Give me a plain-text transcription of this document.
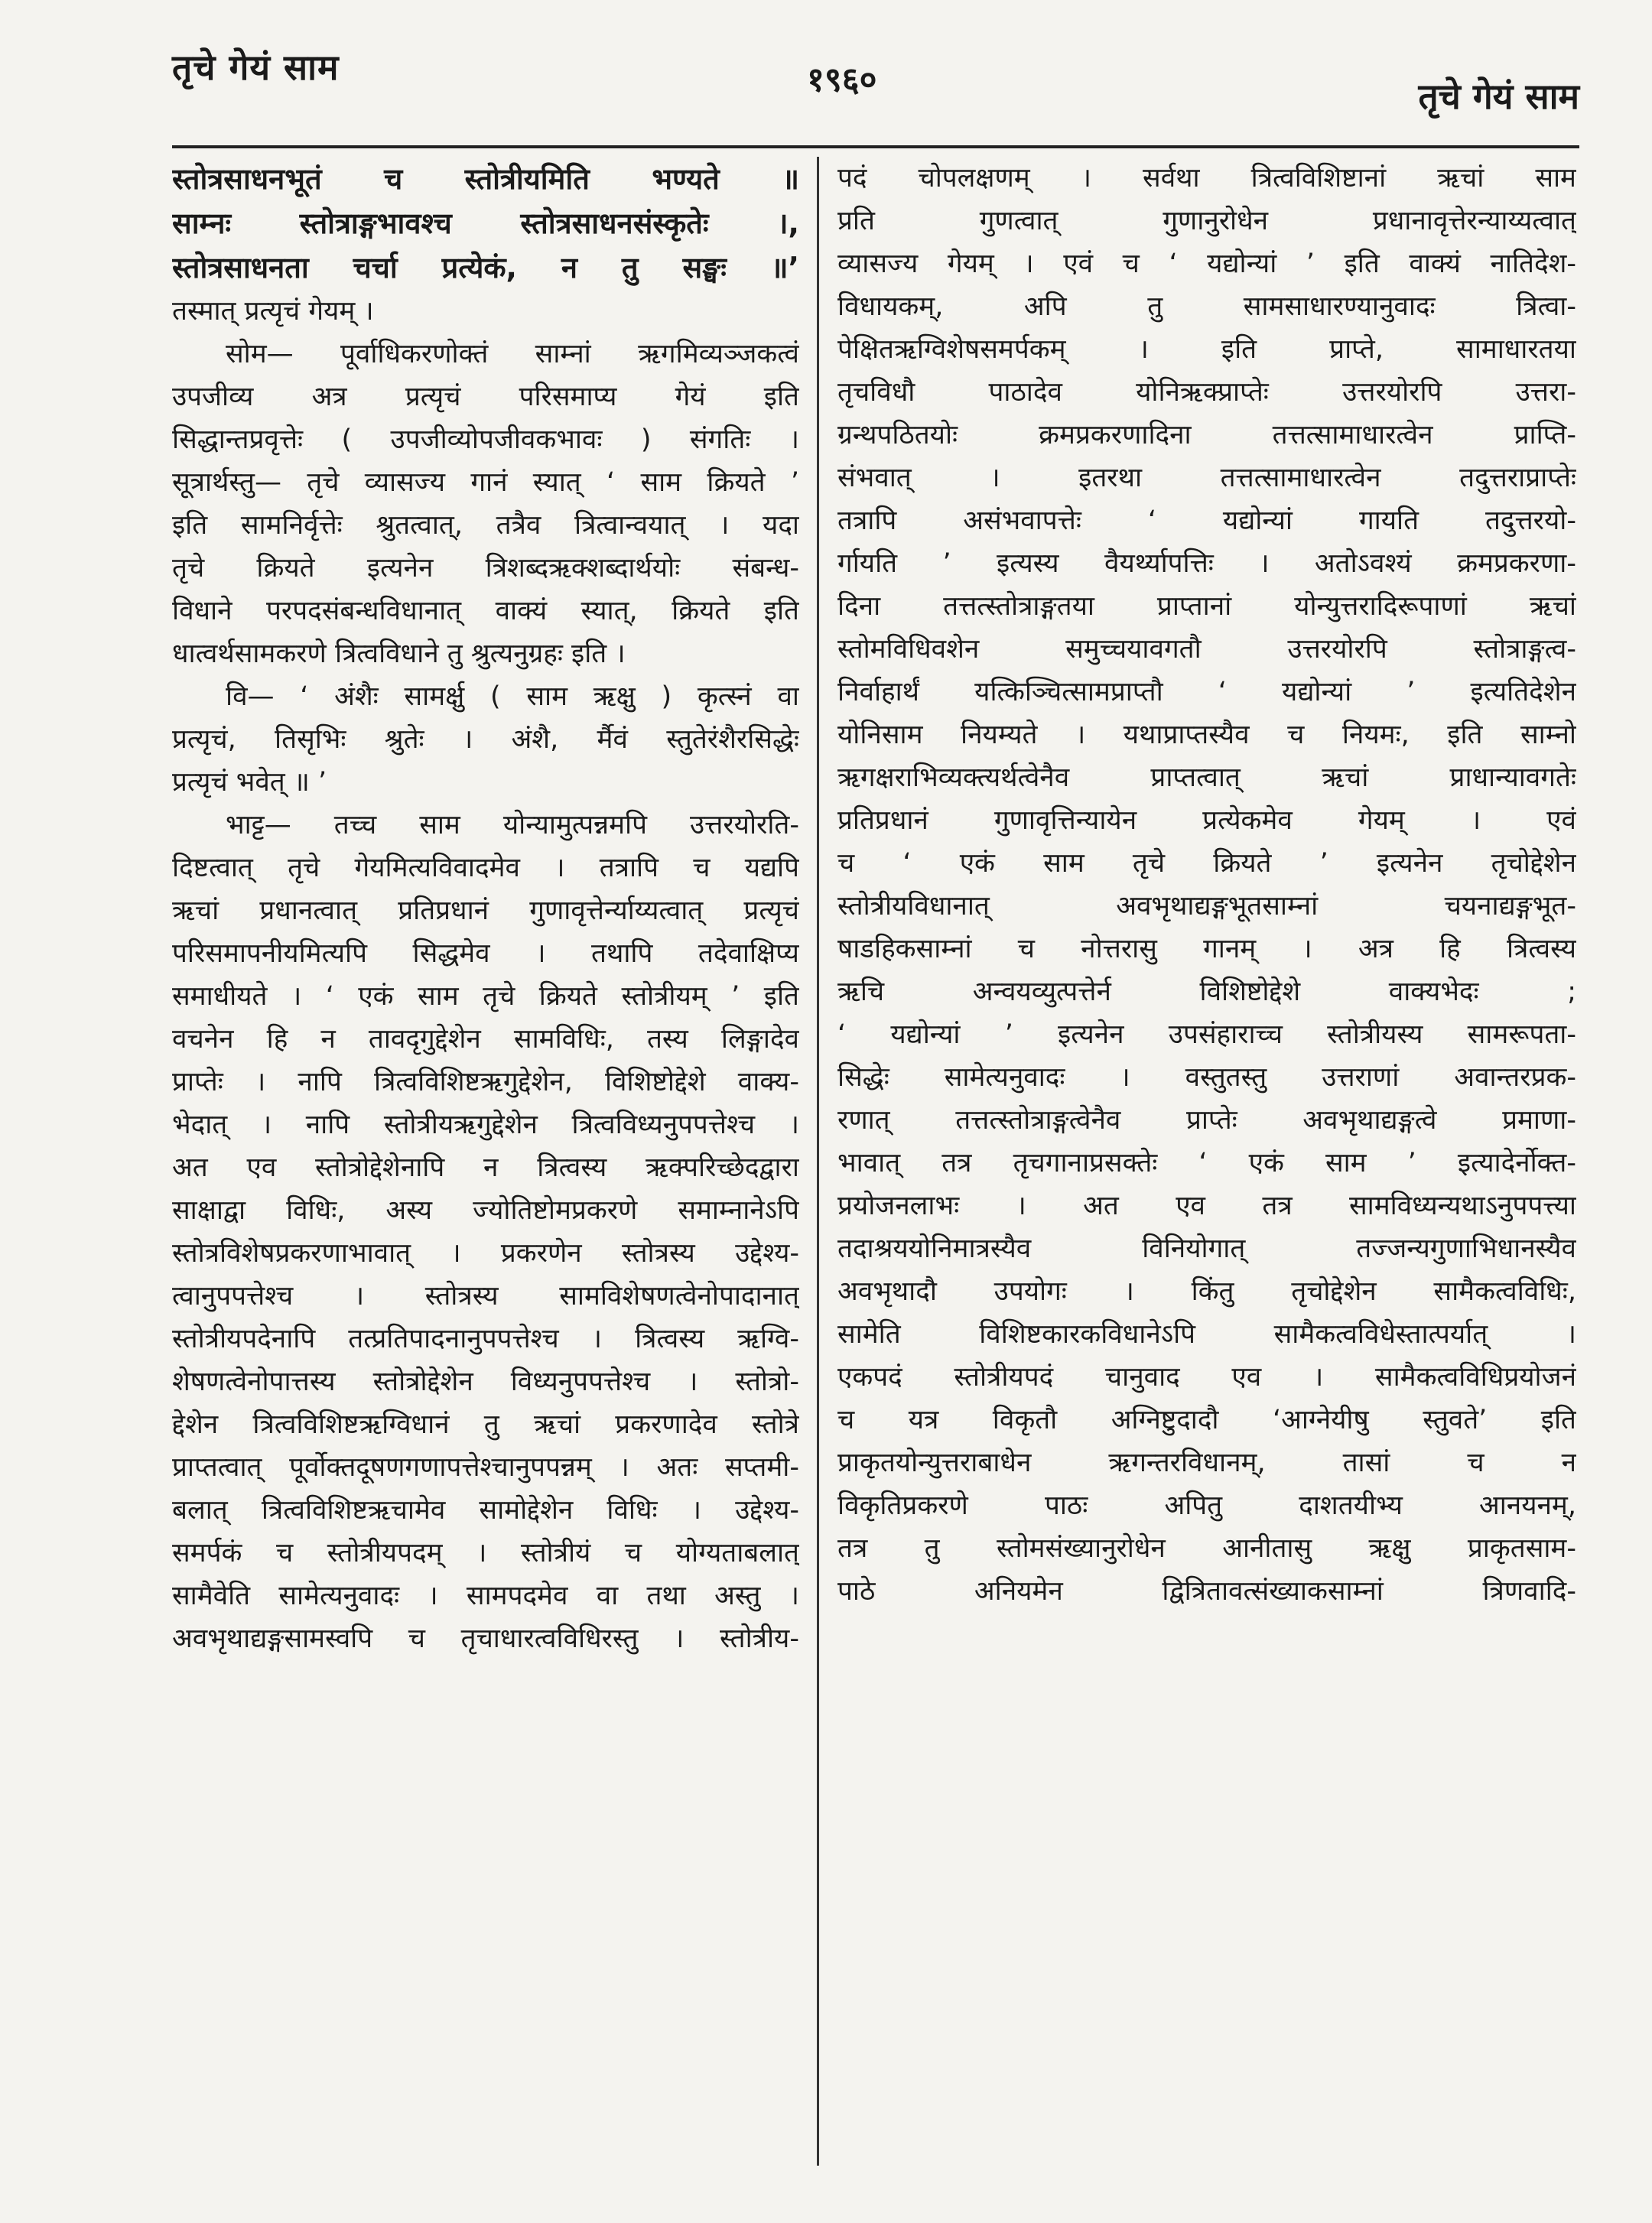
तृचे गेयं साम	१९६०	तृचे गेयं साम
स्तोत्रसाधनभूतं च स्तोत्रीयमिति भण्यते ॥
साम्नः स्तोत्राङ्गभावश्च स्तोत्रसाधनसंस्कृतेः ।,
स्तोत्रसाधनता चर्चा प्रत्येकं, न तु सङ्घः ॥’
तस्मात् प्रत्यृचं गेयम् ।
सोम— पूर्वाधिकरणोक्तं साम्नां ऋगमिव्यञ्जकत्वं
उपजीव्य अत्र प्रत्यृचं परिसमाप्य गेयं इति
सिद्धान्तप्रवृत्तेः ( उपजीव्योपजीवकभावः ) संगतिः ।
सूत्रार्थस्तु— तृचे व्यासज्य गानं स्यात् ‘ साम क्रियते ’
इति सामनिर्वृत्तेः श्रुतत्वात्, तत्रैव त्रित्वान्वयात् । यदा
तृचे क्रियते इत्यनेन त्रिशब्दऋक्शब्दार्थयोः संबन्ध-
विधाने परपदसंबन्धविधानात् वाक्यं स्यात्, क्रियते इति
धात्वर्थसामकरणे त्रित्वविधाने तु श्रुत्यनुग्रहः इति ।
वि— ‘ अंशैः सामर्क्षु ( साम ऋक्षु ) कृत्स्नं वा
प्रत्यृचं, तिसृभिः श्रुतेः । अंशै, र्मैवं स्तुतेरंशैरसिद्धेः
प्रत्यृचं भवेत् ॥ ’
भाट्ट— तच्च साम योन्यामुत्पन्नमपि उत्तरयोरति-
दिष्टत्वात् तृचे गेयमित्यविवादमेव । तत्रापि च यद्यपि
ऋचां प्रधानत्वात् प्रतिप्रधानं गुणावृत्तेर्न्याय्यत्वात् प्रत्यृचं
परिसमापनीयमित्यपि सिद्धमेव । तथापि तदेवाक्षिप्य
समाधीयते । ‘ एकं साम तृचे क्रियते स्तोत्रीयम् ’ इति
वचनेन हि न तावदृगुद्देशेन सामविधिः, तस्य लिङ्गादेव
प्राप्तेः । नापि त्रित्वविशिष्टऋगुद्देशेन, विशिष्टोद्देशे वाक्य-
भेदात् । नापि स्तोत्रीयऋगुद्देशेन त्रित्वविध्यनुपपत्तेश्च ।
अत एव स्तोत्रोद्देशेनापि न त्रित्वस्य ऋक्परिच्छेदद्वारा
साक्षाद्वा विधिः, अस्य ज्योतिष्टोमप्रकरणे समाम्नानेऽपि
स्तोत्रविशेषप्रकरणाभावात् । प्रकरणेन स्तोत्रस्य उद्देश्य-
त्वानुपपत्तेश्च । स्तोत्रस्य सामविशेषणत्वेनोपादानात्
स्तोत्रीयपदेनापि तत्प्रतिपादनानुपपत्तेश्च । त्रित्वस्य ऋग्वि-
शेषणत्वेनोपात्तस्य स्तोत्रोद्देशेन विध्यनुपपत्तेश्च । स्तोत्रो-
द्देशेन त्रित्वविशिष्टऋग्विधानं तु ऋचां प्रकरणादेव स्तोत्रे
प्राप्तत्वात् पूर्वोक्तदूषणगणापत्तेश्चानुपपन्नम् । अतः सप्तमी-
बलात् त्रित्वविशिष्टऋचामेव सामोद्देशेन विधिः । उद्देश्य-
समर्पकं च स्तोत्रीयपदम् । स्तोत्रीयं च योग्यताबलात्
सामैवेति सामेत्यनुवादः । सामपदमेव वा तथा अस्तु ।
अवभृथाद्यङ्गसामस्वपि च तृचाधारत्वविधिरस्तु । स्तोत्रीय-
पदं चोपलक्षणम् । सर्वथा त्रित्वविशिष्टानां ऋचां साम
प्रति गुणत्वात् गुणानुरोधेन प्रधानावृत्तेरन्याय्यत्वात्
व्यासज्य गेयम् । एवं च ‘ यद्योन्यां ’ इति वाक्यं नातिदेश-
विधायकम्, अपि तु सामसाधारण्यानुवादः त्रित्वा-
पेक्षितऋग्विशेषसमर्पकम् । इति प्राप्ते, सामाधारतया
तृचविधौ पाठादेव योनिऋक्प्राप्तेः उत्तरयोरपि उत्तरा-
ग्रन्थपठितयोः क्रमप्रकरणादिना तत्तत्सामाधारत्वेन प्राप्ति-
संभवात् । इतरथा तत्तत्सामाधारत्वेन तदुत्तराप्राप्तेः
तत्रापि असंभवापत्तेः ‘ यद्योन्यां गायति तदुत्तरयो-
र्गायति ’ इत्यस्य वैयर्थ्यापत्तिः । अतोऽवश्यं क्रमप्रकरणा-
दिना तत्तत्स्तोत्राङ्गतया प्राप्तानां योन्युत्तरादिरूपाणां ऋचां
स्तोमविधिवशेन समुच्चयावगतौ उत्तरयोरपि स्तोत्राङ्गत्व-
निर्वाहार्थं यत्किञ्चित्सामप्राप्तौ ‘ यद्योन्यां ’ इत्यतिदेशेन
योनिसाम नियम्यते । यथाप्राप्तस्यैव च नियमः, इति साम्नो
ऋगक्षराभिव्यक्त्यर्थत्वेनैव प्राप्तत्वात् ऋचां प्राधान्यावगतेः
प्रतिप्रधानं गुणावृत्तिन्यायेन प्रत्येकमेव गेयम् । एवं
च ‘ एकं साम तृचे क्रियते ’ इत्यनेन तृचोद्देशेन
स्तोत्रीयविधानात् अवभृथाद्यङ्गभूतसाम्नां चयनाद्यङ्गभूत-
षाडहिकसाम्नां च नोत्तरासु गानम् । अत्र हि त्रित्वस्य
ऋचि अन्वयव्युत्पत्तेर्न विशिष्टोद्देशे वाक्यभेदः ;
‘ यद्योन्यां ’ इत्यनेन उपसंहाराच्च स्तोत्रीयस्य सामरूपता-
सिद्धेः सामेत्यनुवादः । वस्तुतस्तु उत्तराणां अवान्तरप्रक-
रणात् तत्तत्स्तोत्राङ्गत्वेनैव प्राप्तेः अवभृथाद्यङ्गत्वे प्रमाणा-
भावात् तत्र तृचगानाप्रसक्तेः ‘ एकं साम ’ इत्यादेर्नोक्त-
प्रयोजनलाभः । अत एव तत्र सामविध्यन्यथाऽनुपपत्त्या
तदाश्रययोनिमात्रस्यैव विनियोगात् तज्जन्यगुणाभिधानस्यैव
अवभृथादौ उपयोगः । किंतु तृचोद्देशेन सामैकत्वविधिः,
सामेति विशिष्टकारकविधानेऽपि सामैकत्वविधेस्तात्पर्यात् ।
एकपदं स्तोत्रीयपदं चानुवाद एव । सामैकत्वविधिप्रयोजनं
च यत्र विकृतौ अग्निष्टुदादौ ‘आग्नेयीषु स्तुवते’ इति
प्राकृतयोन्युत्तराबाधेन ऋगन्तरविधानम्, तासां च न
विकृतिप्रकरणे पाठः अपितु दाशतयीभ्य आनयनम्,
तत्र तु स्तोमसंख्यानुरोधेन आनीतासु ऋक्षु प्राकृतसाम-
पाठे अनियमेन द्वित्रितावत्संख्याकसाम्नां त्रिणवादि-
